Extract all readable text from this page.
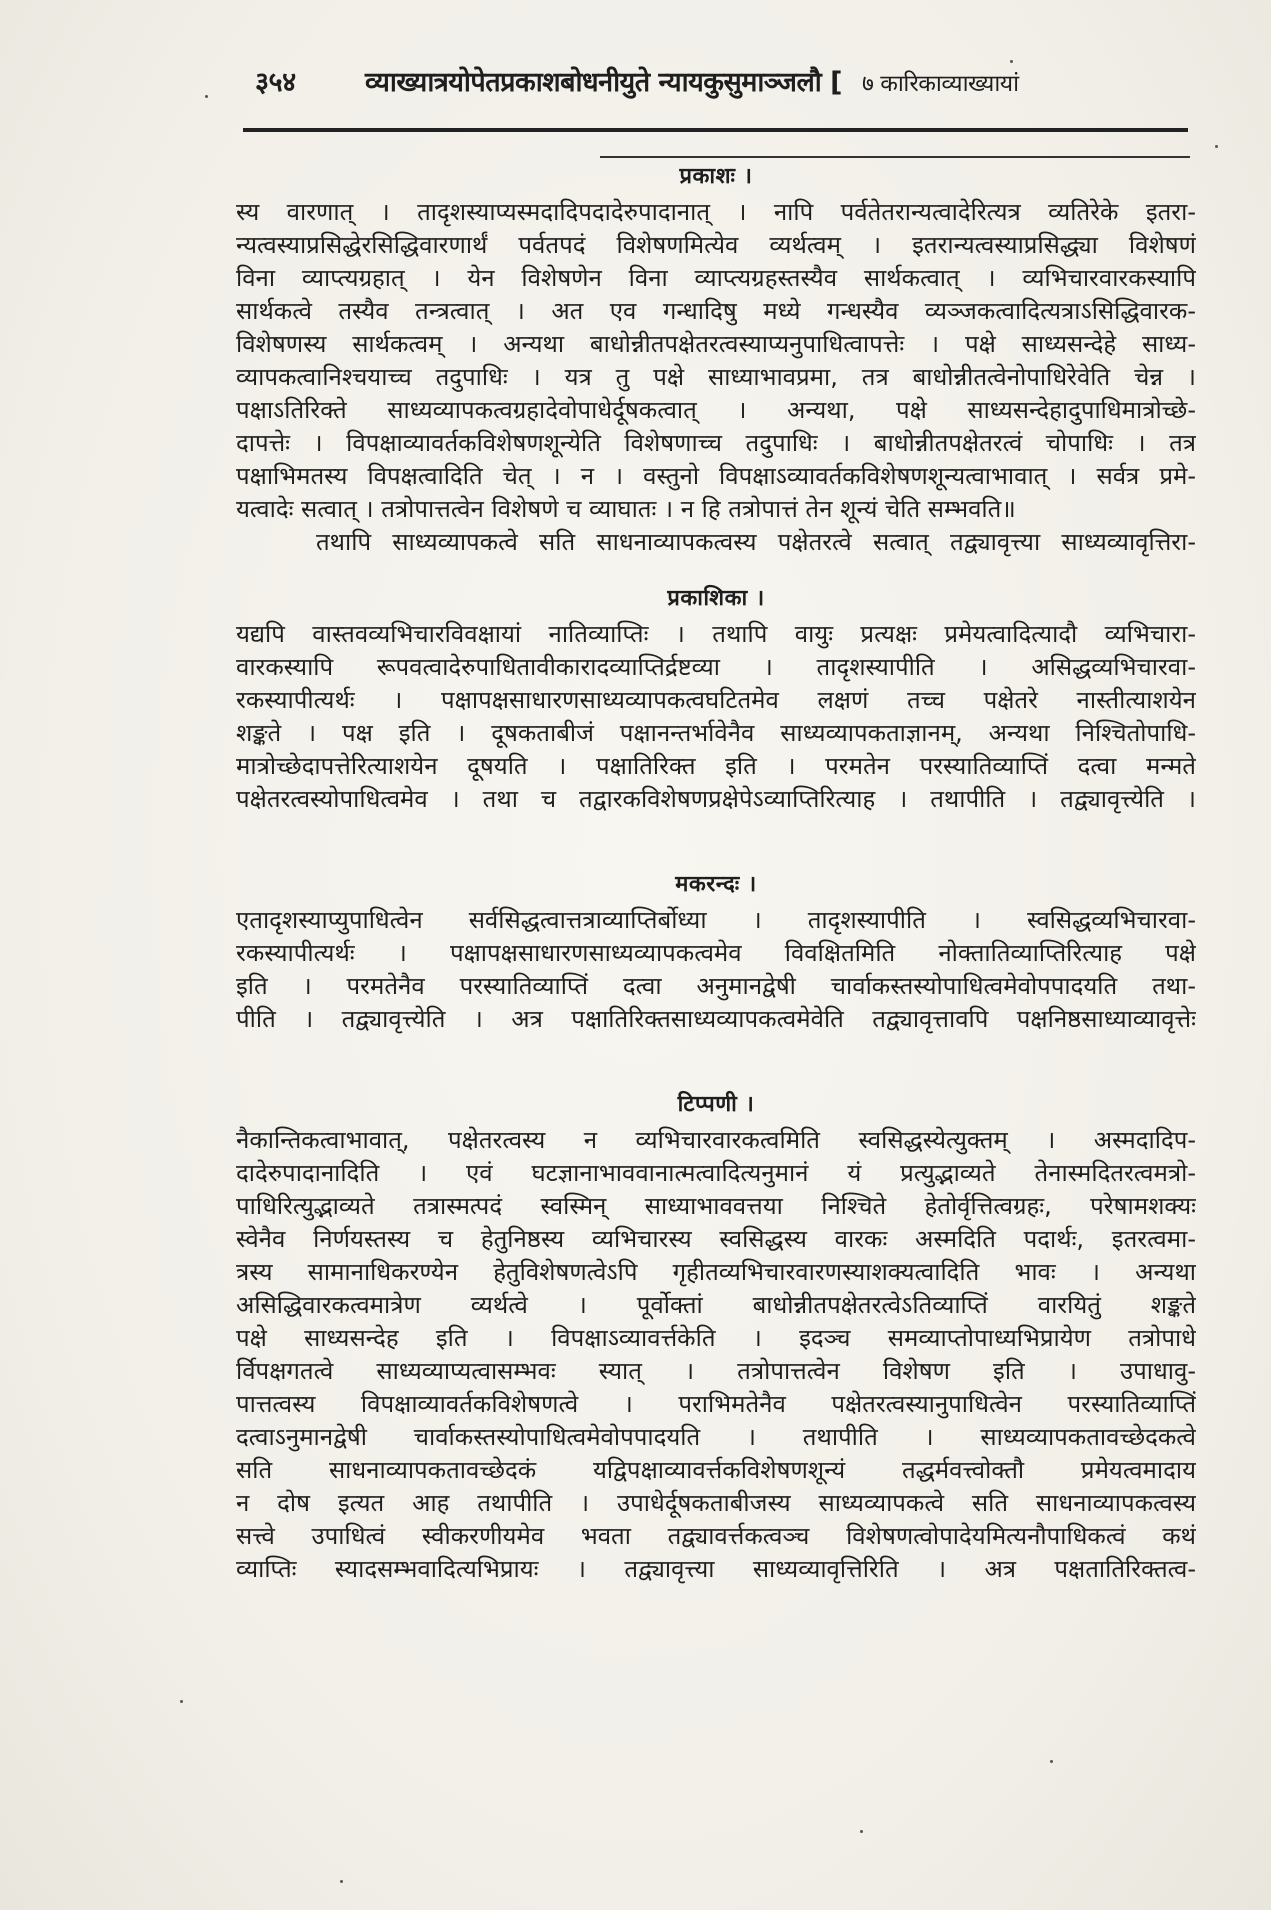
३५४	व्याख्यात्रयोपेतप्रकाशबोधनीयुते न्यायकुसुमाञ्जलौ [ ७ कारिकाव्याख्यायां
प्रकाशः ।
स्य वारणात् । तादृशस्याप्यस्मदादिपदादेरुपादानात् । नापि पर्वतेतरान्यत्वादेरित्यत्र व्यतिरेके इतरा-
न्यत्वस्याप्रसिद्धेरसिद्धिवारणार्थं पर्वतपदं विशेषणमित्येव व्यर्थत्वम् । इतरान्यत्वस्याप्रसिद्ध्या विशेषणं
विना व्याप्त्यग्रहात् । येन विशेषणेन विना व्याप्त्यग्रहस्तस्यैव सार्थकत्वात् । व्यभिचारवारकस्यापि
सार्थकत्वे तस्यैव तन्त्रत्वात् । अत एव गन्धादिषु मध्ये गन्धस्यैव व्यञ्जकत्वादित्यत्राऽसिद्धिवारक-
विशेषणस्य सार्थकत्वम् । अन्यथा बाधोन्नीतपक्षेतरत्वस्याप्यनुपाधित्वापत्तेः । पक्षे साध्यसन्देहे साध्य-
व्यापकत्वानिश्चयाच्च तदुपाधिः । यत्र तु पक्षे साध्याभावप्रमा, तत्र बाधोन्नीतत्वेनोपाधिरेवेति चेन्न ।
पक्षाऽतिरिक्ते साध्यव्यापकत्वग्रहादेवोपाधेर्दूषकत्वात् । अन्यथा, पक्षे साध्यसन्देहादुपाधिमात्रोच्छे-
दापत्तेः । विपक्षाव्यावर्तकविशेषणशून्येति विशेषणाच्च तदुपाधिः । बाधोन्नीतपक्षेतरत्वं चोपाधिः । तत्र
पक्षाभिमतस्य विपक्षत्वादिति चेत् । न । वस्तुनो विपक्षाऽव्यावर्तकविशेषणशून्यत्वाभावात् । सर्वत्र प्रमे-
यत्वादेः सत्वात् । तत्रोपात्तत्वेन विशेषणे च व्याघातः । न हि तत्रोपात्तं तेन शून्यं चेति सम्भवति॥
तथापि साध्यव्यापकत्वे सति साधनाव्यापकत्वस्य पक्षेतरत्वे सत्वात् तद्व्यावृत्त्या साध्यव्यावृत्तिरा-
प्रकाशिका ।
यद्यपि वास्तवव्यभिचारविवक्षायां नातिव्याप्तिः । तथापि वायुः प्रत्यक्षः प्रमेयत्वादित्यादौ व्यभिचारा-
वारकस्यापि रूपवत्वादेरुपाधितावीकारादव्याप्तिर्द्रष्टव्या । तादृशस्यापीति । असिद्धव्यभिचारवा-
रकस्यापीत्यर्थः । पक्षापक्षसाधारणसाध्यव्यापकत्वघटितमेव लक्षणं तच्च पक्षेतरे नास्तीत्याशयेन
शङ्कते । पक्ष इति । दूषकताबीजं पक्षानन्तर्भावेनैव साध्यव्यापकताज्ञानम्, अन्यथा निश्चितोपाधि-
मात्रोच्छेदापत्तेरित्याशयेन दूषयति । पक्षातिरिक्त इति । परमतेन परस्यातिव्याप्तिं दत्वा मन्मते
पक्षेतरत्वस्योपाधित्वमेव । तथा च तद्वारकविशेषणप्रक्षेपेऽव्याप्तिरित्याह । तथापीति । तद्व्यावृत्त्येति ।
मकरन्दः ।
एतादृशस्याप्युपाधित्वेन सर्वसिद्धत्वात्तत्राव्याप्तिर्बोध्या । तादृशस्यापीति । स्वसिद्धव्यभिचारवा-
रकस्यापीत्यर्थः । पक्षापक्षसाधारणसाध्यव्यापकत्वमेव विवक्षितमिति नोक्तातिव्याप्तिरित्याह पक्षे
इति । परमतेनैव परस्यातिव्याप्तिं दत्वा अनुमानद्वेषी चार्वाकस्तस्योपाधित्वमेवोपपादयति तथा-
पीति । तद्व्यावृत्त्येति । अत्र पक्षातिरिक्तसाध्यव्यापकत्वमेवेति तद्व्यावृत्तावपि पक्षनिष्ठसाध्याव्यावृत्तेः
टिप्पणी ।
नैकान्तिकत्वाभावात्, पक्षेतरत्वस्य न व्यभिचारवारकत्वमिति स्वसिद्धस्येत्युक्तम् । अस्मदादिप-
दादेरुपादानादिति । एवं घटज्ञानाभाववानात्मत्वादित्यनुमानं यं प्रत्युद्भाव्यते तेनास्मदितरत्वमत्रो-
पाधिरित्युद्भाव्यते तत्रास्मत्पदं स्वस्मिन् साध्याभाववत्तया निश्चिते हेतोर्वृत्तित्वग्रहः, परेषामशक्यः
स्वेनैव निर्णयस्तस्य च हेतुनिष्ठस्य व्यभिचारस्य स्वसिद्धस्य वारकः अस्मदिति पदार्थः, इतरत्वमा-
त्रस्य सामानाधिकरण्येन हेतुविशेषणत्वेऽपि गृहीतव्यभिचारवारणस्याशक्यत्वादिति भावः । अन्यथा
असिद्धिवारकत्वमात्रेण व्यर्थत्वे । पूर्वोक्तां बाधोन्नीतपक्षेतरत्वेऽतिव्याप्तिं वारयितुं शङ्कते
पक्षे साध्यसन्देह इति । विपक्षाऽव्यावर्त्तकेति । इदञ्च समव्याप्तोपाध्यभिप्रायेण तत्रोपाधे
र्विपक्षगतत्वे साध्यव्याप्यत्वासम्भवः स्यात् । तत्रोपात्तत्वेन विशेषण इति । उपाधावु-
पात्तत्वस्य विपक्षाव्यावर्तकविशेषणत्वे । पराभिमतेनैव पक्षेतरत्वस्यानुपाधित्वेन परस्यातिव्याप्तिं
दत्वाऽनुमानद्वेषी चार्वाकस्तस्योपाधित्वमेवोपपादयति । तथापीति । साध्यव्यापकतावच्छेदकत्वे
सति साधनाव्यापकतावच्छेदकं यद्विपक्षाव्यावर्त्तकविशेषणशून्यं तद्धर्मवत्त्वोक्तौ प्रमेयत्वमादाय
न दोष इत्यत आह तथापीति । उपाधेर्दूषकताबीजस्य साध्यव्यापकत्वे सति साधनाव्यापकत्वस्य
सत्त्वे उपाधित्वं स्वीकरणीयमेव भवता तद्व्यावर्त्तकत्वञ्च विशेषणत्वोपादेयमित्यनौपाधिकत्वं कथं
व्याप्तिः स्यादसम्भवादित्यभिप्रायः । तद्व्यावृत्त्या साध्यव्यावृत्तिरिति । अत्र पक्षतातिरिक्तत्व-
